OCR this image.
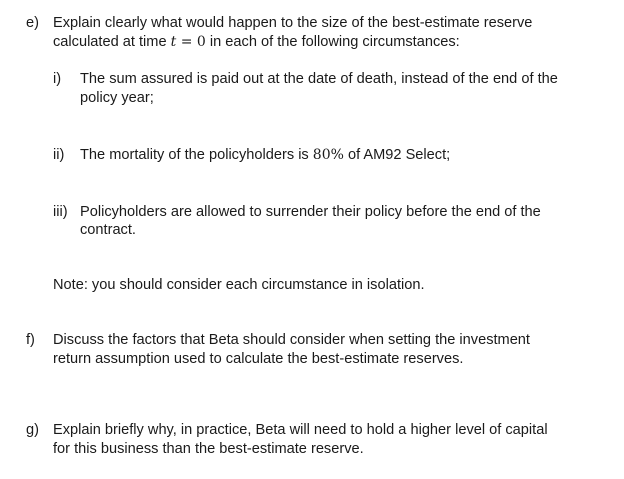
e) Explain clearly what would happen to the size of the best-estimate reserve
calculated at time t = 0 in each of the following circumstances:
i) The sum assured is paid out at the date of death, instead of the end of the
policy year;
ii) The mortality of the policyholders is 80% of AM92 Select;
iii) Policyholders are allowed to surrender their policy before the end of the
contract.
Note: you should consider each circumstance in isolation.
f) Discuss the factors that Beta should consider when setting the investment
return assumption used to calculate the best-estimate reserves.
g) Explain briefly why, in practice, Beta will need to hold a higher level of capital
for this business than the best-estimate reserve.
